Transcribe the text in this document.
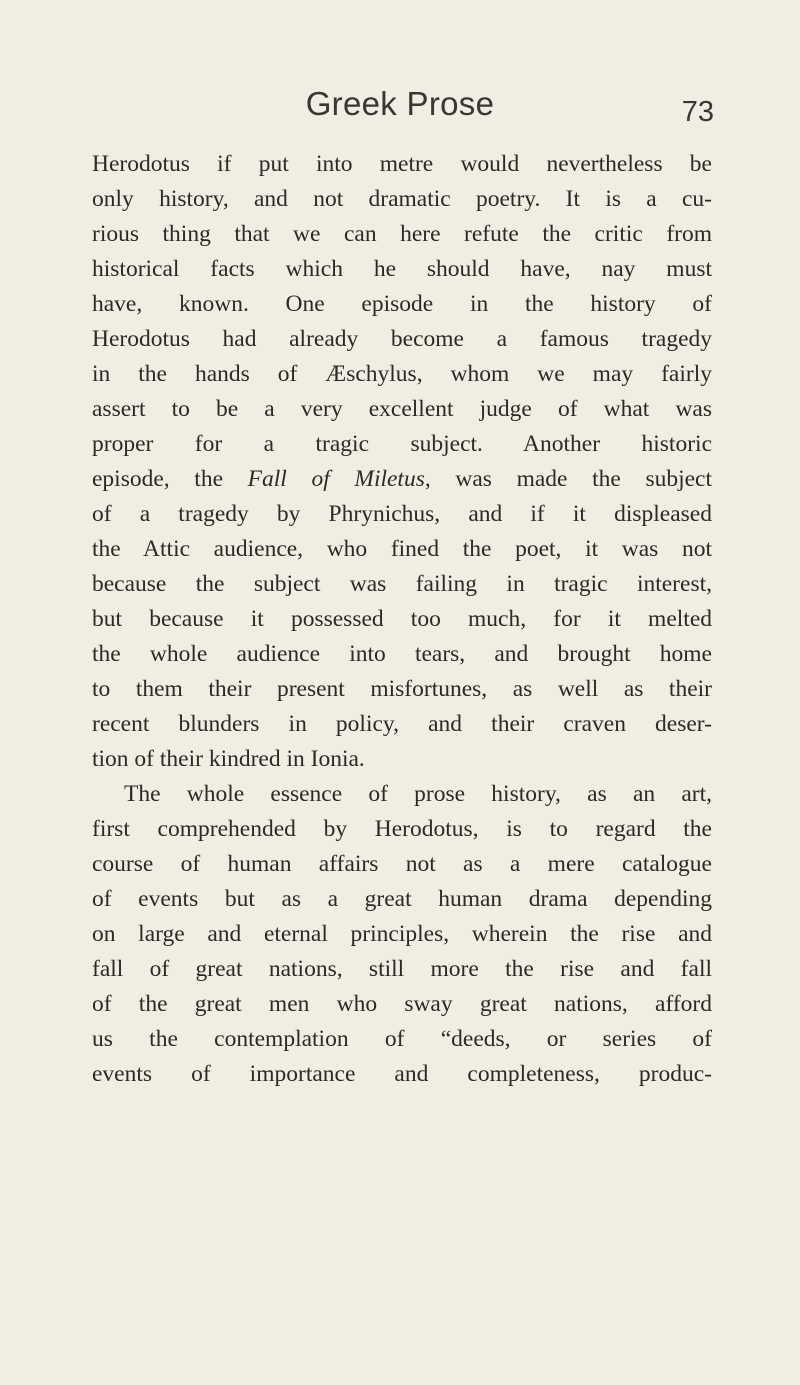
Greek Prose	73
Herodotus if put into metre would nevertheless be
only history, and not dramatic poetry. It is a cu-
rious thing that we can here refute the critic from
historical facts which he should have, nay must
have, known. One episode in the history of
Herodotus had already become a famous tragedy
in the hands of Æschylus, whom we may fairly
assert to be a very excellent judge of what was
proper for a tragic subject. Another historic
episode, the Fall of Miletus, was made the subject
of a tragedy by Phrynichus, and if it displeased
the Attic audience, who fined the poet, it was not
because the subject was failing in tragic interest,
but because it possessed too much, for it melted
the whole audience into tears, and brought home
to them their present misfortunes, as well as their
recent blunders in policy, and their craven deser-
tion of their kindred in Ionia.
The whole essence of prose history, as an art,
first comprehended by Herodotus, is to regard the
course of human affairs not as a mere catalogue
of events but as a great human drama depending
on large and eternal principles, wherein the rise and
fall of great nations, still more the rise and fall
of the great men who sway great nations, afford
us the contemplation of “deeds, or series of
events of importance and completeness, produc-
